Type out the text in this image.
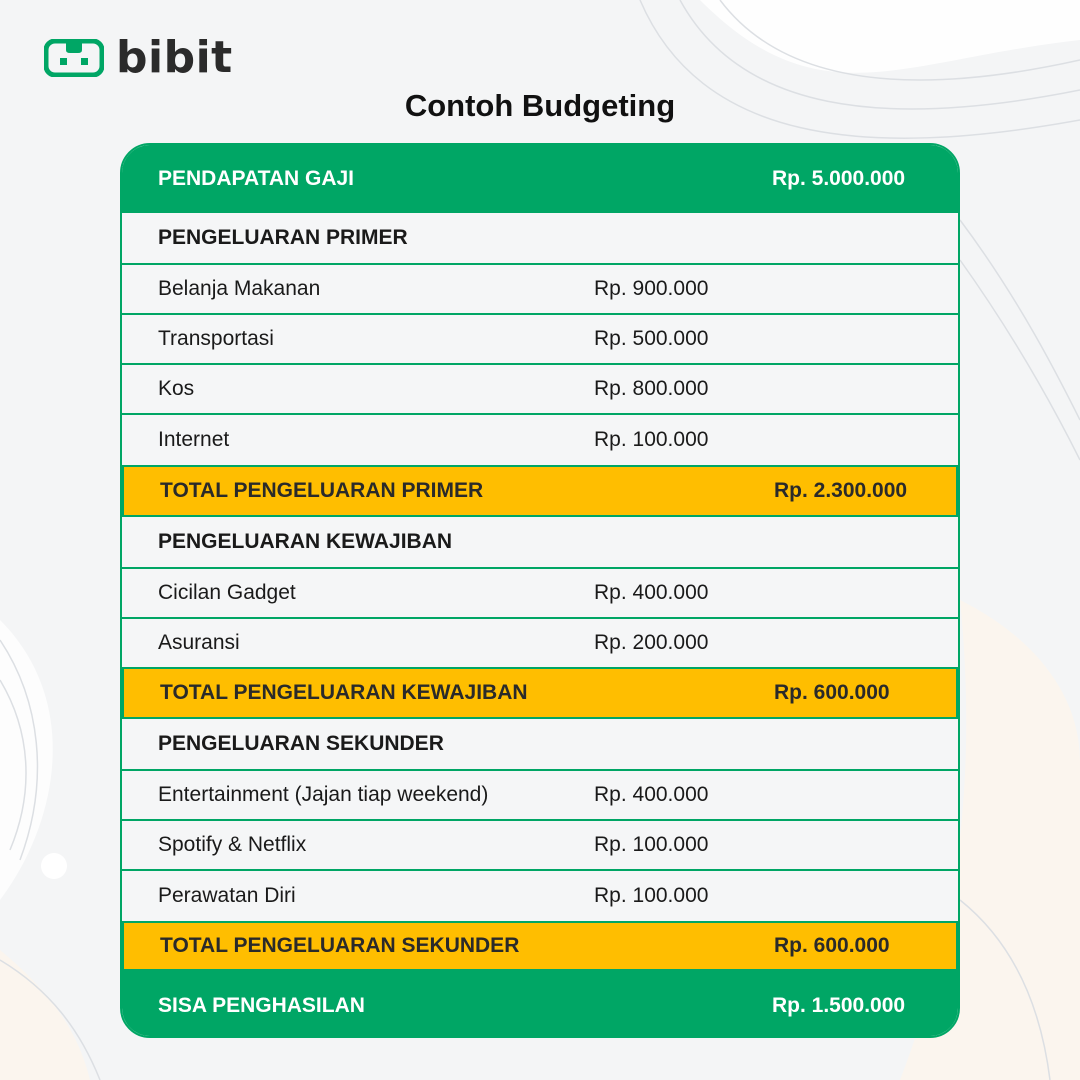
bibit
Contoh Budgeting
PENDAPATAN GAJI	Rp. 5.000.000
PENGELUARAN PRIMER
Belanja Makanan	Rp. 900.000
Transportasi	Rp. 500.000
Kos	Rp. 800.000
Internet	Rp. 100.000
TOTAL PENGELUARAN PRIMER	Rp. 2.300.000
PENGELUARAN KEWAJIBAN
Cicilan Gadget	Rp. 400.000
Asuransi	Rp. 200.000
TOTAL PENGELUARAN KEWAJIBAN	Rp. 600.000
PENGELUARAN SEKUNDER
Entertainment (Jajan tiap weekend)	Rp. 400.000
Spotify & Netflix	Rp. 100.000
Perawatan Diri	Rp. 100.000
TOTAL PENGELUARAN SEKUNDER	Rp. 600.000
SISA PENGHASILAN	Rp. 1.500.000
